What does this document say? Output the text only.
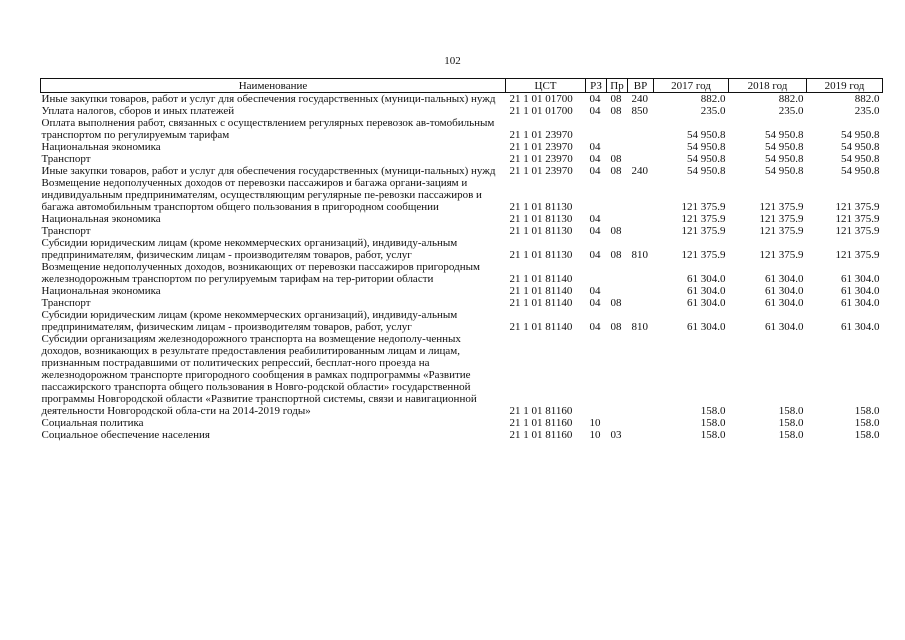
102
Наименование	ЦСТ	РЗ	Пр	ВР	2017 год	2018 год	2019 год
Иные закупки товаров, работ и услуг для обеспечения государственных (муници-пальных) нужд	21 1 01 01700	04	08	240	882.0	882.0	882.0
Уплата налогов, сборов и иных платежей	21 1 01 01700	04	08	850	235.0	235.0	235.0
Оплата выполнения работ, связанных с осуществлением регулярных перевозок ав-томобильным транспортом по регулируемым тарифам	21 1 01 23970				54 950.8	54 950.8	54 950.8
Национальная экономика	21 1 01 23970	04			54 950.8	54 950.8	54 950.8
Транспорт	21 1 01 23970	04	08		54 950.8	54 950.8	54 950.8
Иные закупки товаров, работ и услуг для обеспечения государственных (муници-пальных) нужд	21 1 01 23970	04	08	240	54 950.8	54 950.8	54 950.8
Возмещение недополученных доходов от перевозки пассажиров и багажа органи-зациям и индивидуальным предпринимателям, осуществляющим регулярные пе-ревозки пассажиров и багажа автомобильным транспортом общего пользования в пригородном сообщении	21 1 01 81130				121 375.9	121 375.9	121 375.9
Национальная экономика	21 1 01 81130	04			121 375.9	121 375.9	121 375.9
Транспорт	21 1 01 81130	04	08		121 375.9	121 375.9	121 375.9
Субсидии юридическим лицам (кроме некоммерческих организаций), индивиду-альным предпринимателям, физическим лицам - производителям товаров, работ, услуг	21 1 01 81130	04	08	810	121 375.9	121 375.9	121 375.9
Возмещение недополученных доходов, возникающих от перевозки пассажиров пригородным железнодорожным транспортом по регулируемым тарифам на тер-ритории области	21 1 01 81140				61 304.0	61 304.0	61 304.0
Национальная экономика	21 1 01 81140	04			61 304.0	61 304.0	61 304.0
Транспорт	21 1 01 81140	04	08		61 304.0	61 304.0	61 304.0
Субсидии юридическим лицам (кроме некоммерческих организаций), индивиду-альным предпринимателям, физическим лицам - производителям товаров, работ, услуг	21 1 01 81140	04	08	810	61 304.0	61 304.0	61 304.0
Субсидии организациям железнодорожного транспорта на возмещение недополу-ченных доходов, возникающих в результате предоставления реабилитированным лицам и лицам, признанным пострадавшими от политических репрессий, бесплат-ного проезда на железнодорожном транспорте пригородного сообщения в рамках подпрограммы «Развитие пассажирского транспорта общего пользования в Новго-родской области» государственной программы Новгородской области «Развитие транспортной системы, связи и навигационной деятельности Новгородской обла-сти на 2014-2019 годы»	21 1 01 81160				158.0	158.0	158.0
Социальная политика	21 1 01 81160	10			158.0	158.0	158.0
Социальное обеспечение населения	21 1 01 81160	10	03		158.0	158.0	158.0
